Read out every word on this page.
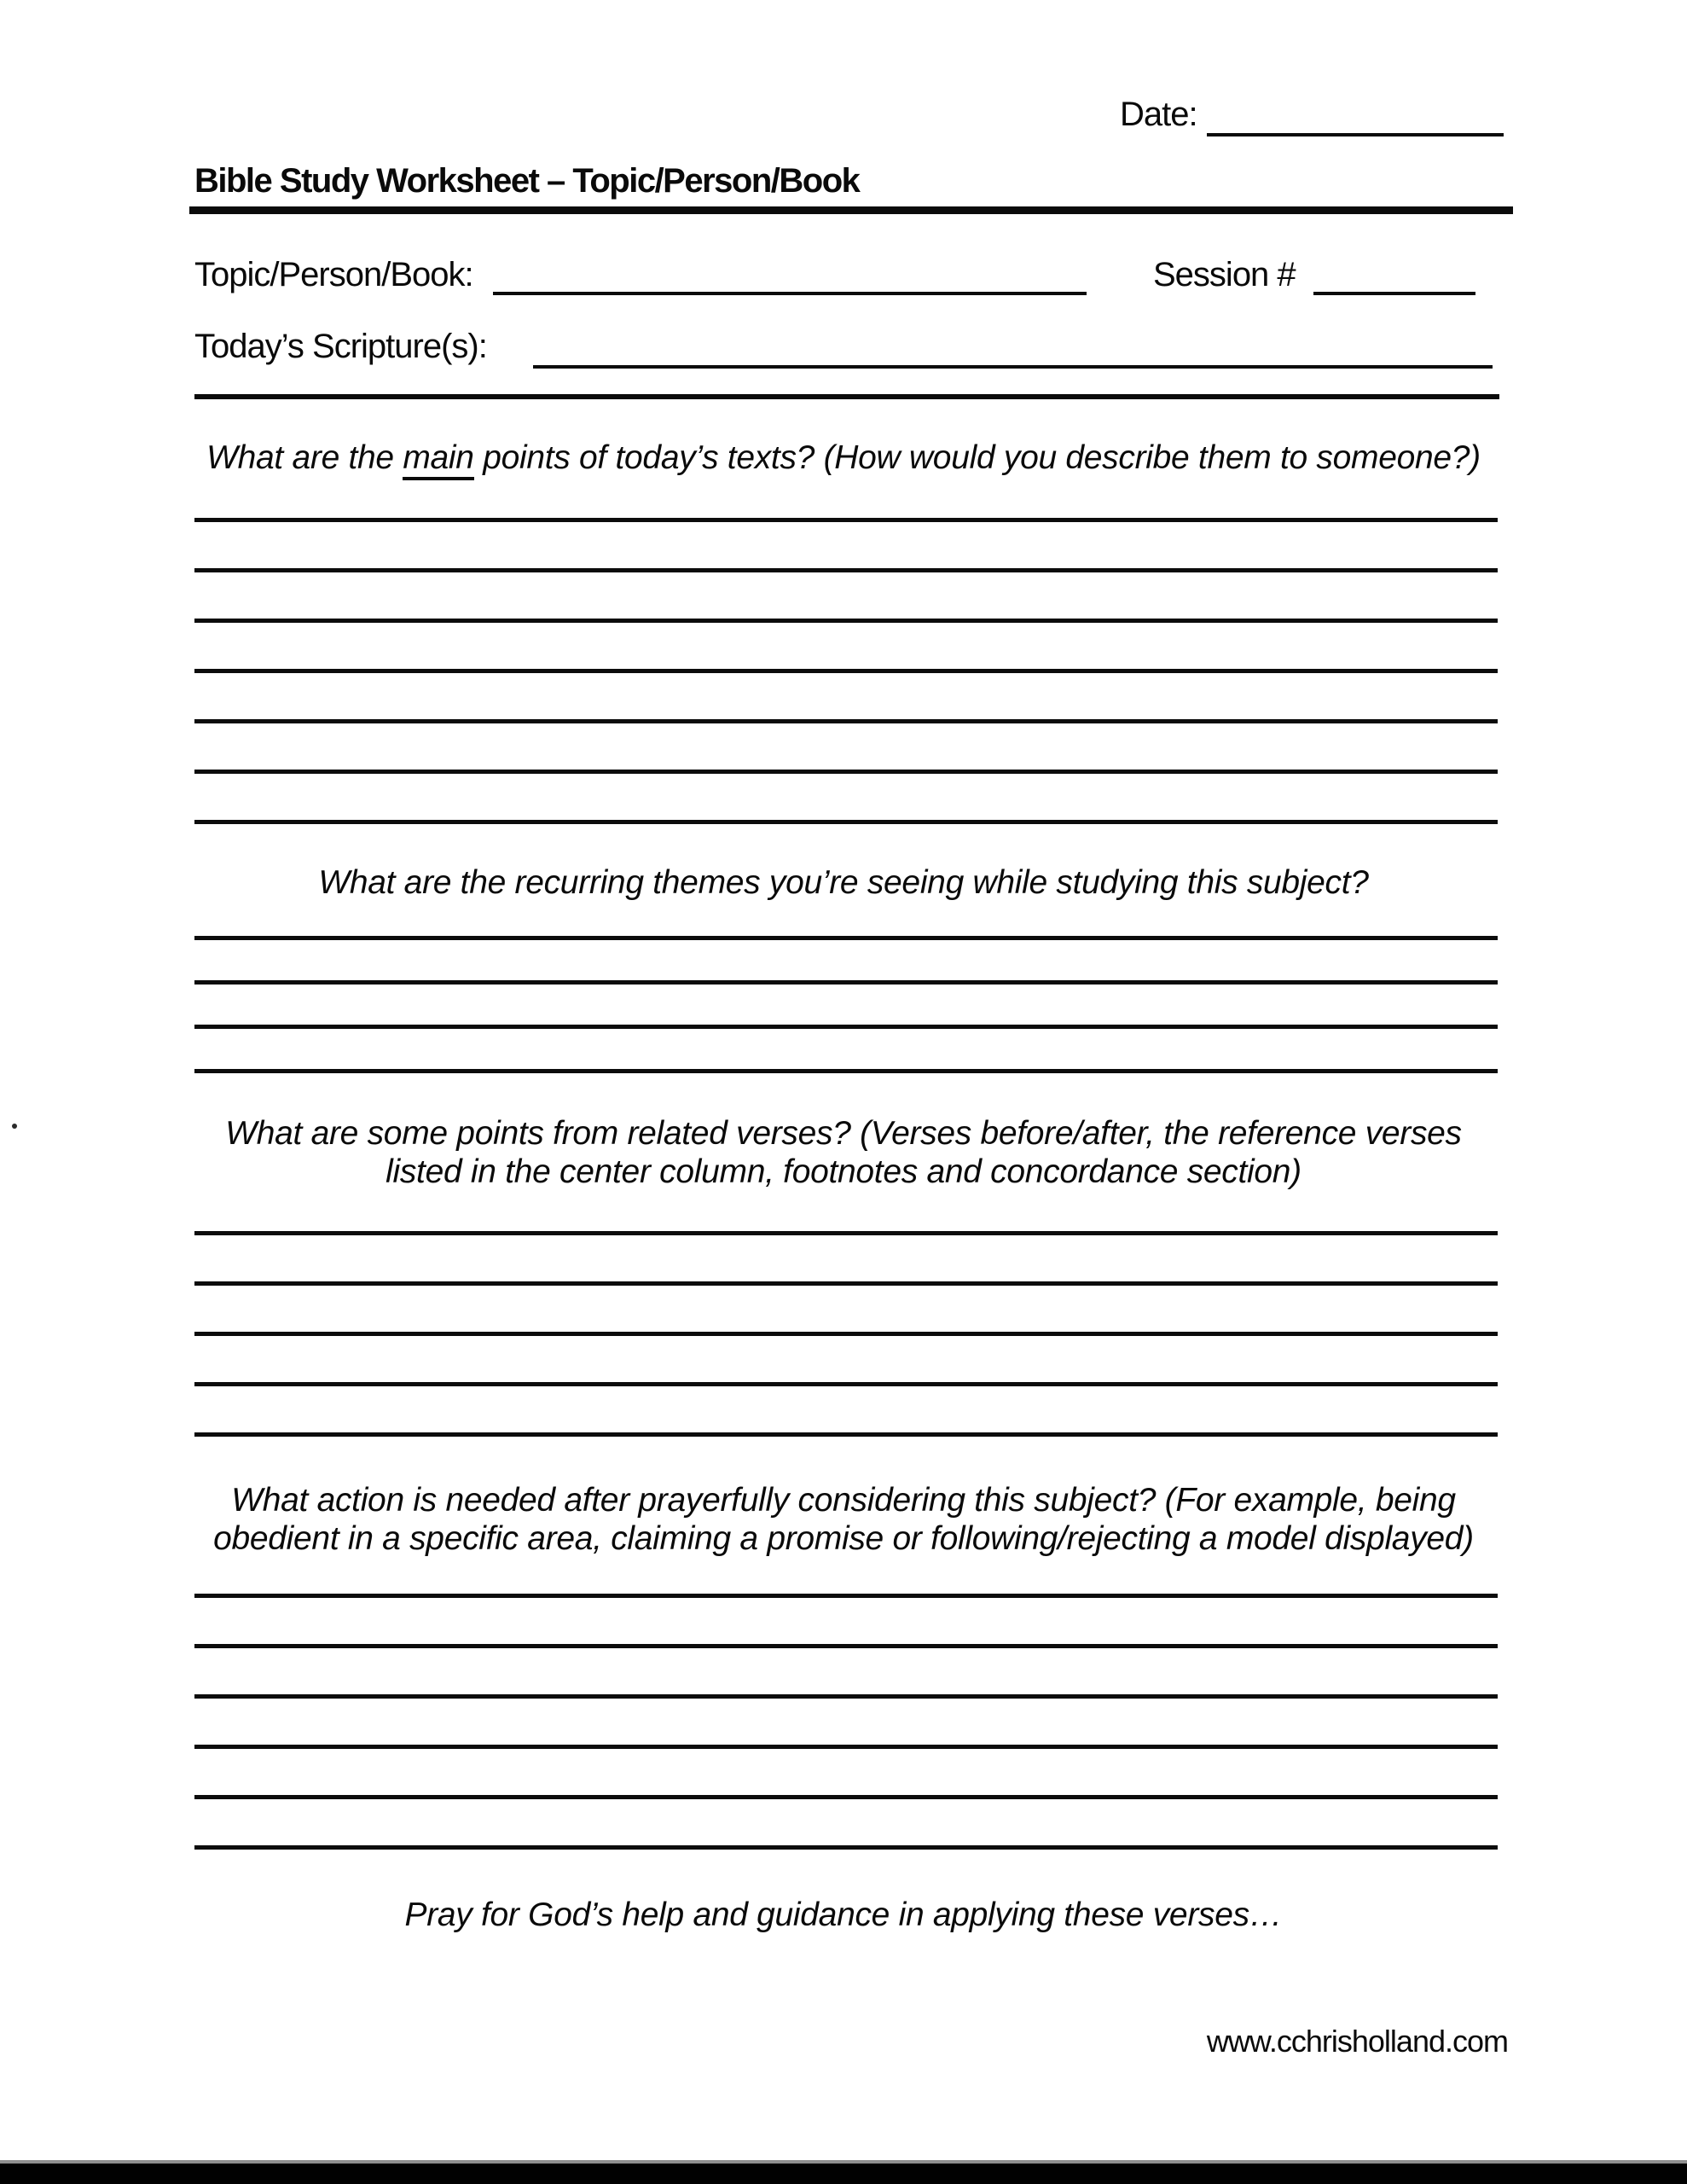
Date:
Bible Study Worksheet – Topic/Person/Book
Topic/Person/Book:	Session #
Today’s Scripture(s):
What are the main points of today’s texts? (How would you describe them to someone?)
What are the recurring themes you’re seeing while studying this subject?
What are some points from related verses? (Verses before/after, the reference verses
listed in the center column, footnotes and concordance section)
What action is needed after prayerfully considering this subject? (For example, being
obedient in a specific area, claiming a promise or following/rejecting a model displayed)
Pray for God’s help and guidance in applying these verses…
www.cchrisholland.com
